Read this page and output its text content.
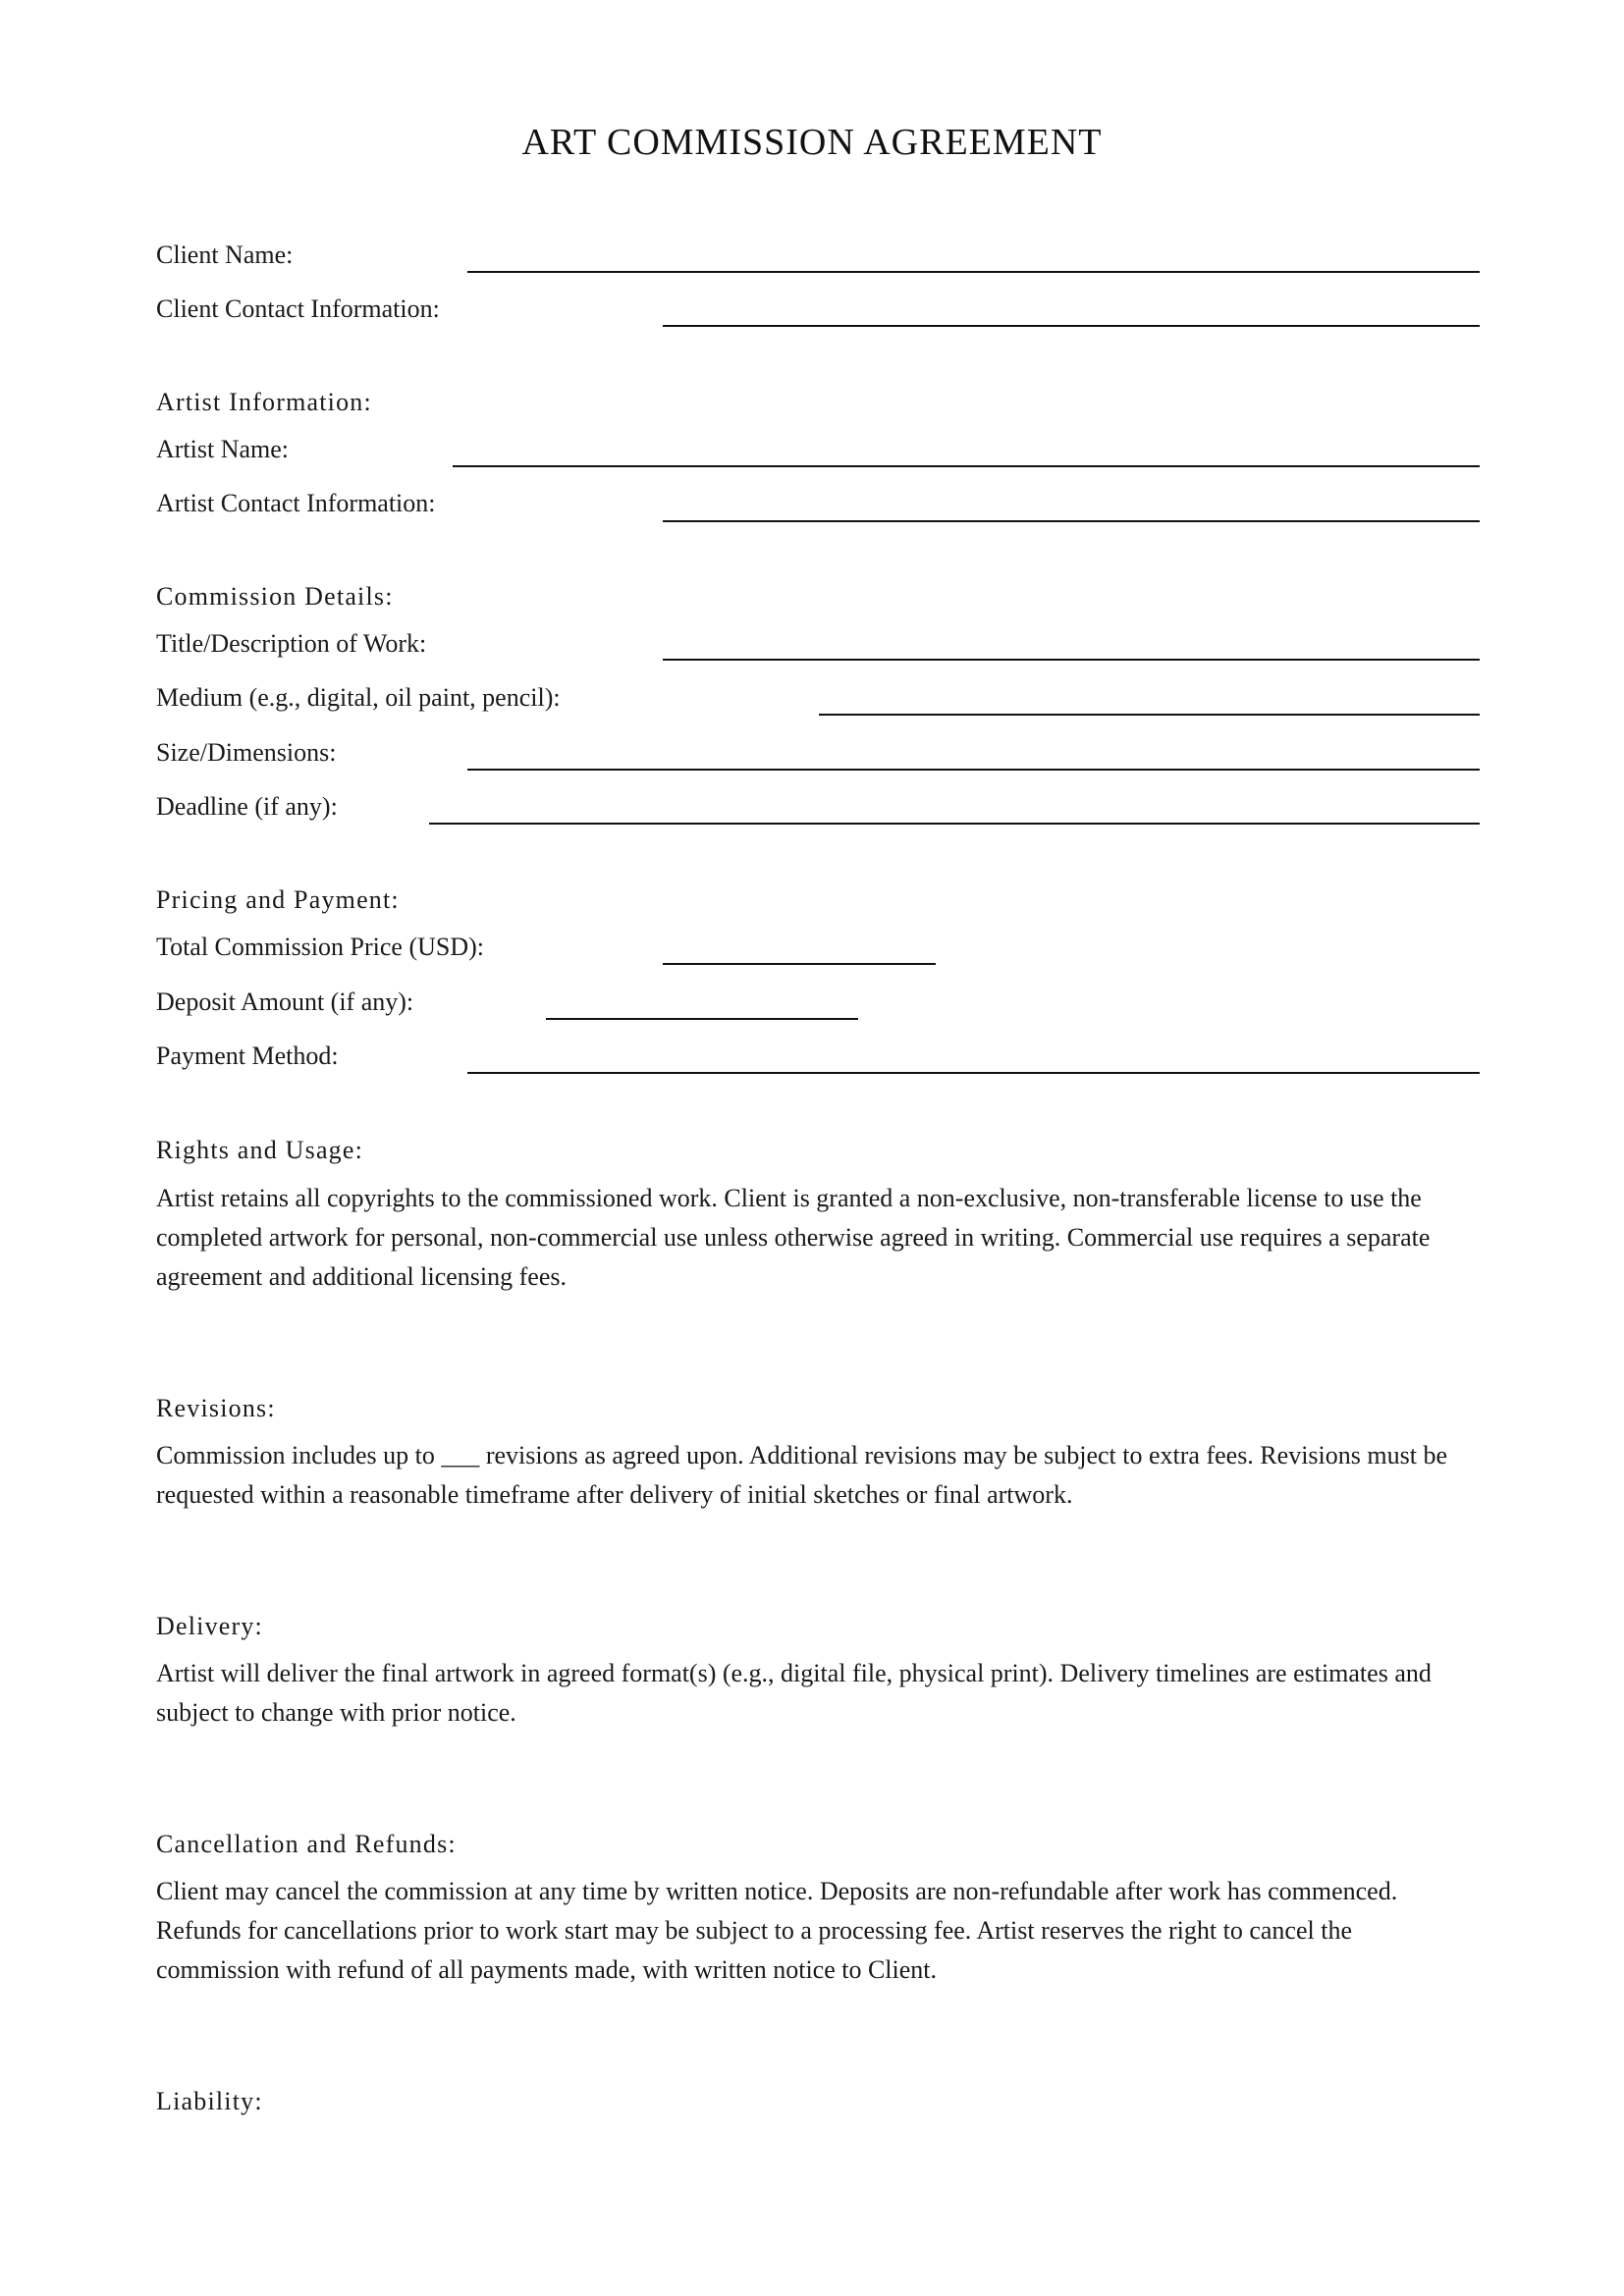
ART COMMISSION AGREEMENT
Client Name:
Client Contact Information:
Artist Information:
Artist Name:
Artist Contact Information:
Commission Details:
Title/Description of Work:
Medium (e.g., digital, oil paint, pencil):
Size/Dimensions:
Deadline (if any):
Pricing and Payment:
Total Commission Price (USD):
Deposit Amount (if any):
Payment Method:
Rights and Usage:
Artist retains all copyrights to the commissioned work. Client is granted a non-exclusive, non-transferable license to use the completed artwork for personal, non-commercial use unless otherwise agreed in writing. Commercial use requires a separate agreement and additional licensing fees.
Revisions:
Commission includes up to ___ revisions as agreed upon. Additional revisions may be subject to extra fees. Revisions must be requested within a reasonable timeframe after delivery of initial sketches or final artwork.
Delivery:
Artist will deliver the final artwork in agreed format(s) (e.g., digital file, physical print). Delivery timelines are estimates and subject to change with prior notice.
Cancellation and Refunds:
Client may cancel the commission at any time by written notice. Deposits are non-refundable after work has commenced. Refunds for cancellations prior to work start may be subject to a processing fee. Artist reserves the right to cancel the commission with refund of all payments made, with written notice to Client.
Liability:
